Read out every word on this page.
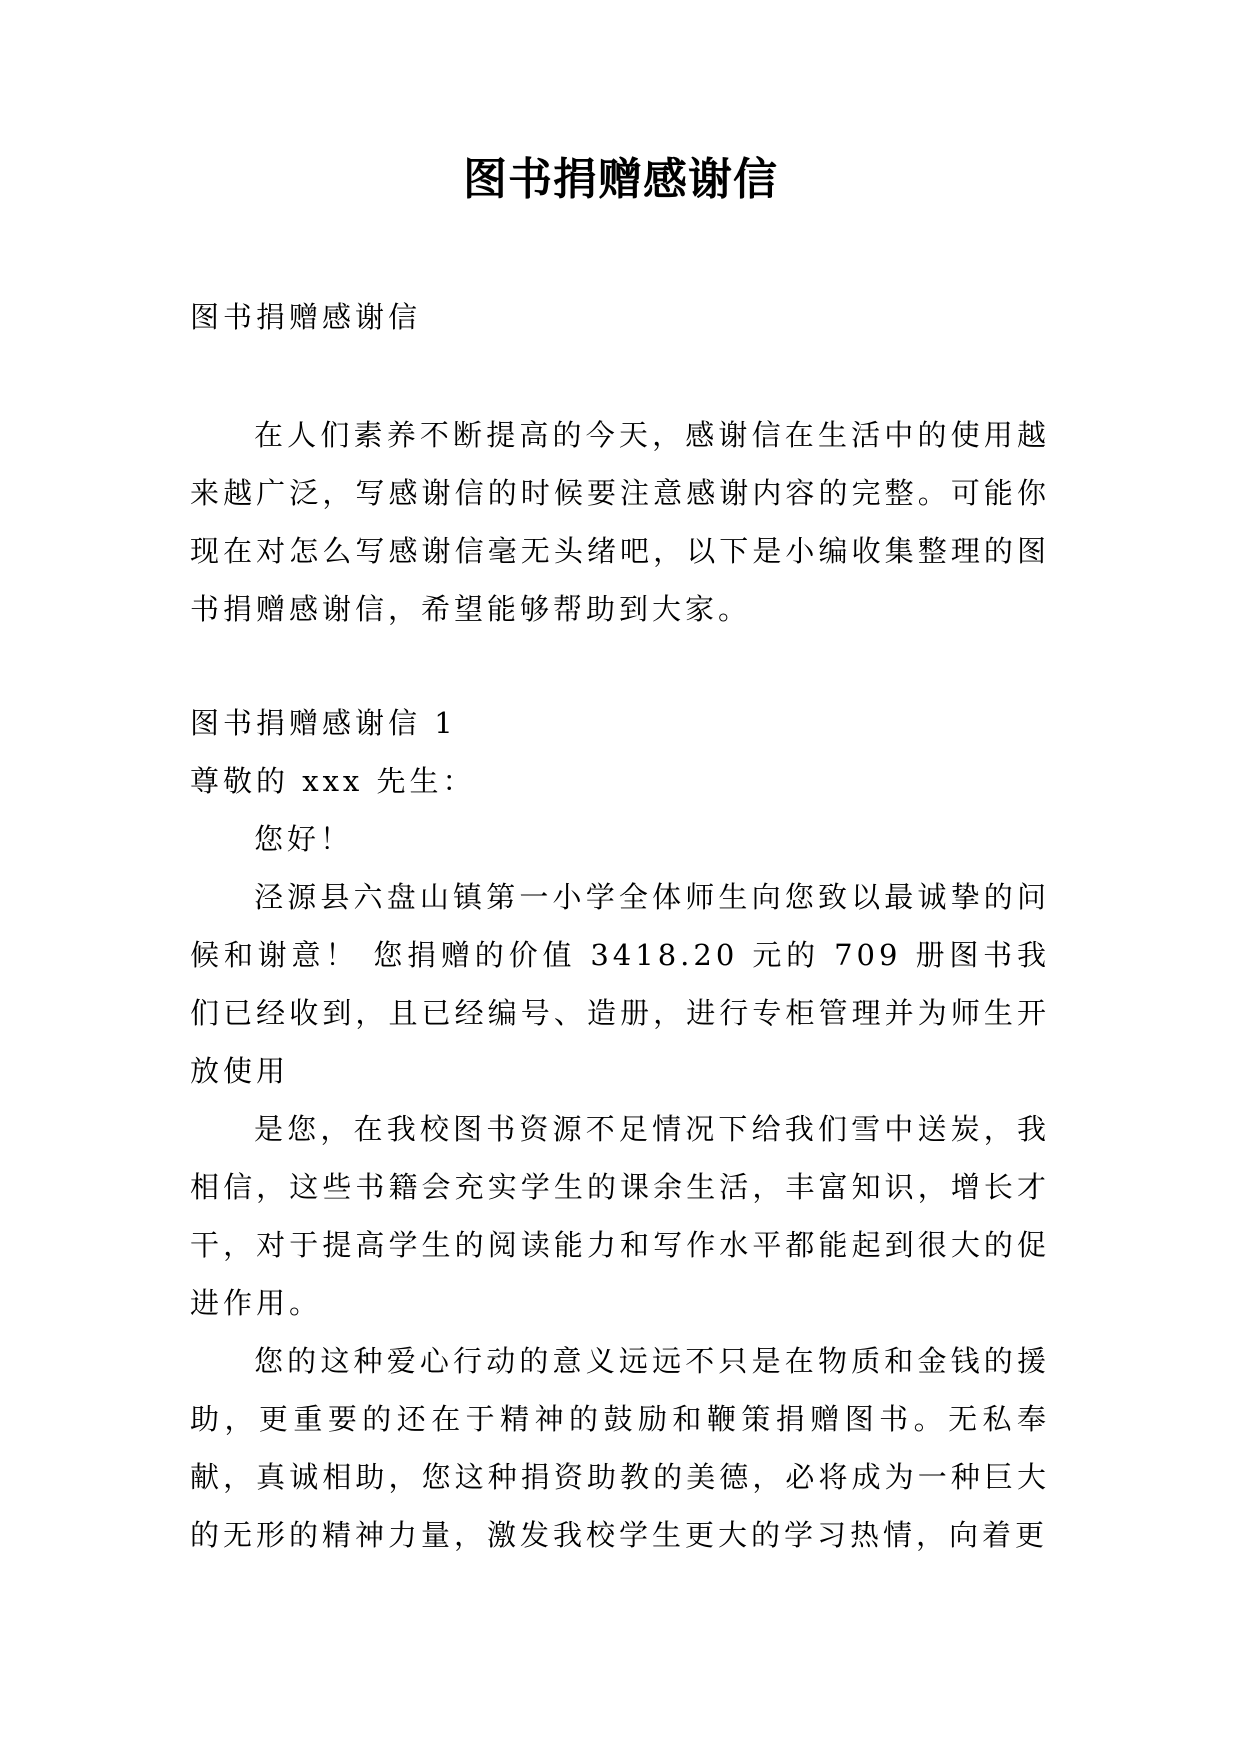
图书捐赠感谢信

图书捐赠感谢信

在人们素养不断提高的今天，感谢信在生活中的使用越来越广泛，写感谢信的时候要注意感谢内容的完整。可能你现在对怎么写感谢信毫无头绪吧，以下是小编收集整理的图书捐赠感谢信，希望能够帮助到大家。

图书捐赠感谢信 1

尊敬的 xxx 先生：

您好！

泾源县六盘山镇第一小学全体师生向您致以最诚挚的问候和谢意！ 您捐赠的价值 3418.20 元的 709 册图书我们已经收到，且已经编号、造册，进行专柜管理并为师生开放使用

是您，在我校图书资源不足情况下给我们雪中送炭，我相信，这些书籍会充实学生的课余生活，丰富知识，增长才干，对于提高学生的阅读能力和写作水平都能起到很大的促进作用。

您的这种爱心行动的意义远远不只是在物质和金钱的援助，更重要的还在于精神的鼓励和鞭策捐赠图书。无私奉献，真诚相助，您这种捐资助教的美德，必将成为一种巨大的无形的精神力量，激发我校学生更大的学习热情，向着更
